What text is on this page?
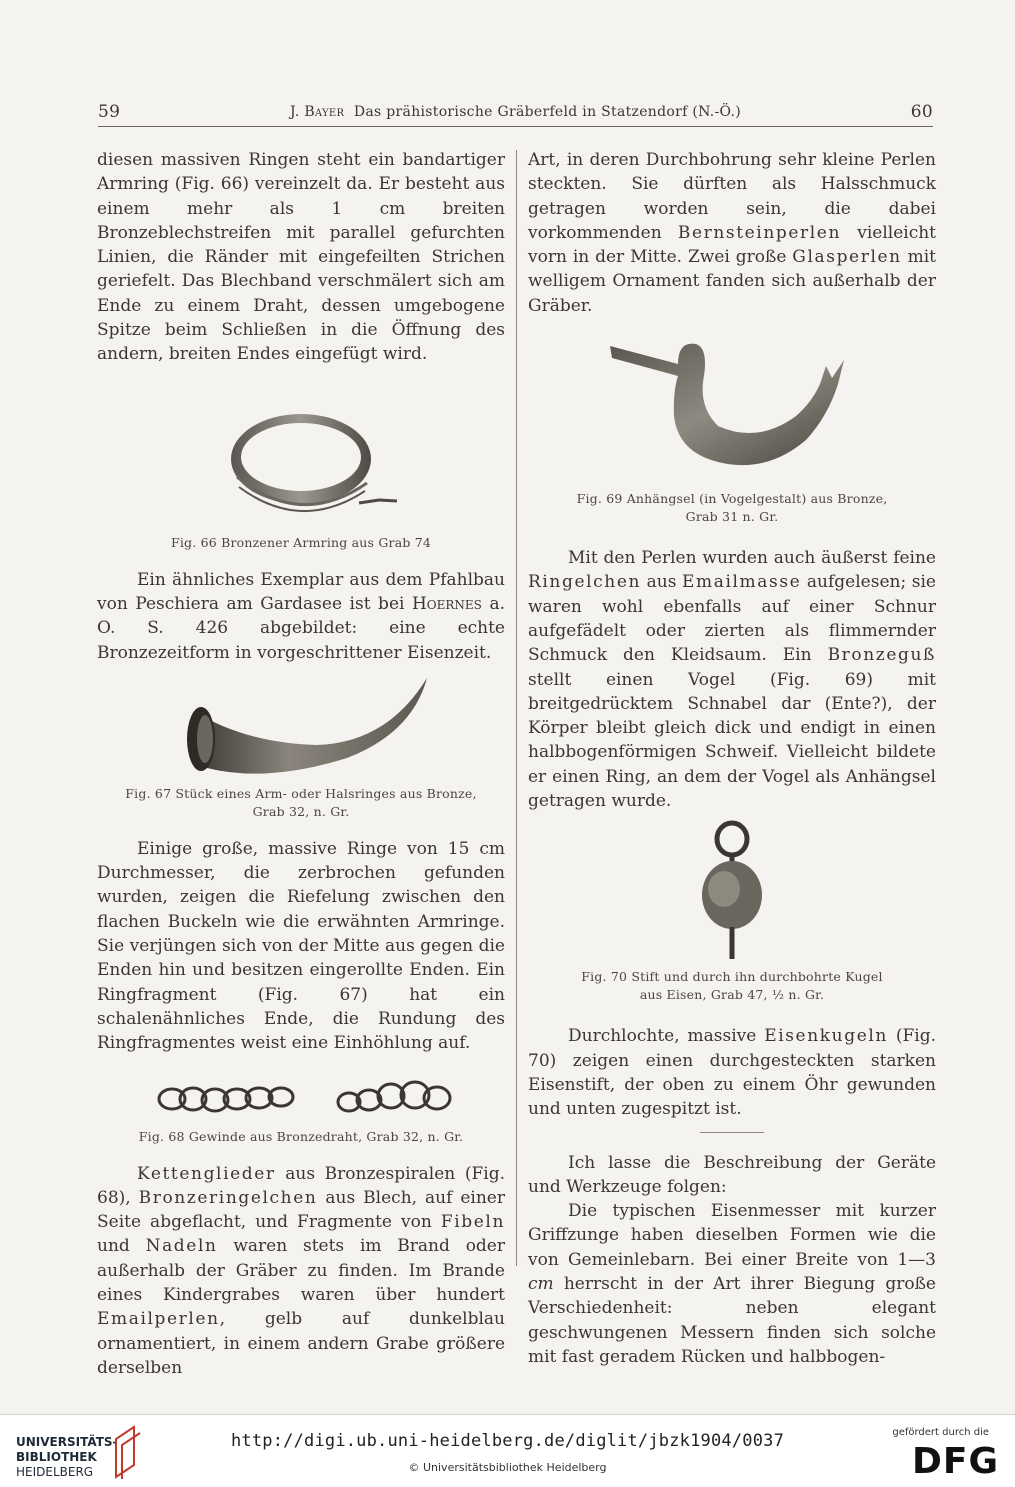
59	J. Bayer Das prähistorische Gräberfeld in Statzendorf (N.-Ö.)	60

diesen massiven Ringen steht ein bandartiger Armring (Fig. 66) vereinzelt da. Er besteht aus einem mehr als 1 cm breiten Bronzeblechstreifen mit parallel gefurchten Linien, die Ränder mit eingefeilten Strichen geriefelt. Das Blechband verschmälert sich am Ende zu einem Draht, dessen umgebogene Spitze beim Schließen in die Öffnung des andern, breiten Endes eingefügt wird.

Fig. 66 Bronzener Armring aus Grab 74

Ein ähnliches Exemplar aus dem Pfahlbau von Peschiera am Gardasee ist bei Hoernes a. O. S. 426 abgebildet: eine echte Bronzezeitform in vorgeschrittener Eisenzeit.

Fig. 67 Stück eines Arm- oder Halsringes aus Bronze,
Grab 32, n. Gr.

Einige große, massive Ringe von 15 cm Durchmesser, die zerbrochen gefunden wurden, zeigen die Riefelung zwischen den flachen Buckeln wie die erwähnten Armringe. Sie verjüngen sich von der Mitte aus gegen die Enden hin und besitzen eingerollte Enden. Ein Ringfragment (Fig. 67) hat ein schalenähnliches Ende, die Rundung des Ringfragmentes weist eine Einhöhlung auf.

Fig. 68 Gewinde aus Bronzedraht, Grab 32, n. Gr.

Kettenglieder aus Bronzespiralen (Fig. 68), Bronzeringelchen aus Blech, auf einer Seite abgeflacht, und Fragmente von Fibeln und Nadeln waren stets im Brand oder außerhalb der Gräber zu finden. Im Brande eines Kindergrabes waren über hundert Emailperlen, gelb auf dunkelblau ornamentiert, in einem andern Grabe größere derselben

Art, in deren Durchbohrung sehr kleine Perlen steckten. Sie dürften als Halsschmuck getragen worden sein, die dabei vorkommenden Bernsteinperlen vielleicht vorn in der Mitte. Zwei große Glasperlen mit welligem Ornament fanden sich außerhalb der Gräber.

Fig. 69 Anhängsel (in Vogelgestalt) aus Bronze,
Grab 31 n. Gr.

Mit den Perlen wurden auch äußerst feine Ringelchen aus Emailmasse aufgelesen; sie waren wohl ebenfalls auf einer Schnur aufgefädelt oder zierten als flimmernder Schmuck den Kleidsaum. Ein Bronzeguß stellt einen Vogel (Fig. 69) mit breitgedrücktem Schnabel dar (Ente?), der Körper bleibt gleich dick und endigt in einen halbbogenförmigen Schweif. Vielleicht bildete er einen Ring, an dem der Vogel als Anhängsel getragen wurde.

Fig. 70 Stift und durch ihn durchbohrte Kugel
aus Eisen, Grab 47, ½ n. Gr.

Durchlochte, massive Eisenkugeln (Fig. 70) zeigen einen durchgesteckten starken Eisenstift, der oben zu einem Öhr gewunden und unten zugespitzt ist.

Ich lasse die Beschreibung der Geräte und Werkzeuge folgen:

Die typischen Eisenmesser mit kurzer Griffzunge haben dieselben Formen wie die von Gemeinlebarn. Bei einer Breite von 1—3 cm herrscht in der Art ihrer Biegung große Verschiedenheit: neben elegant geschwungenen Messern finden sich solche mit fast geradem Rücken und halbbogen-

UNIVERSITÄTS-
BIBLIOTHEK
HEIDELBERG
http://digi.ub.uni-heidelberg.de/diglit/jbzk1904/0037
© Universitätsbibliothek Heidelberg
gefördert durch die
DFG
